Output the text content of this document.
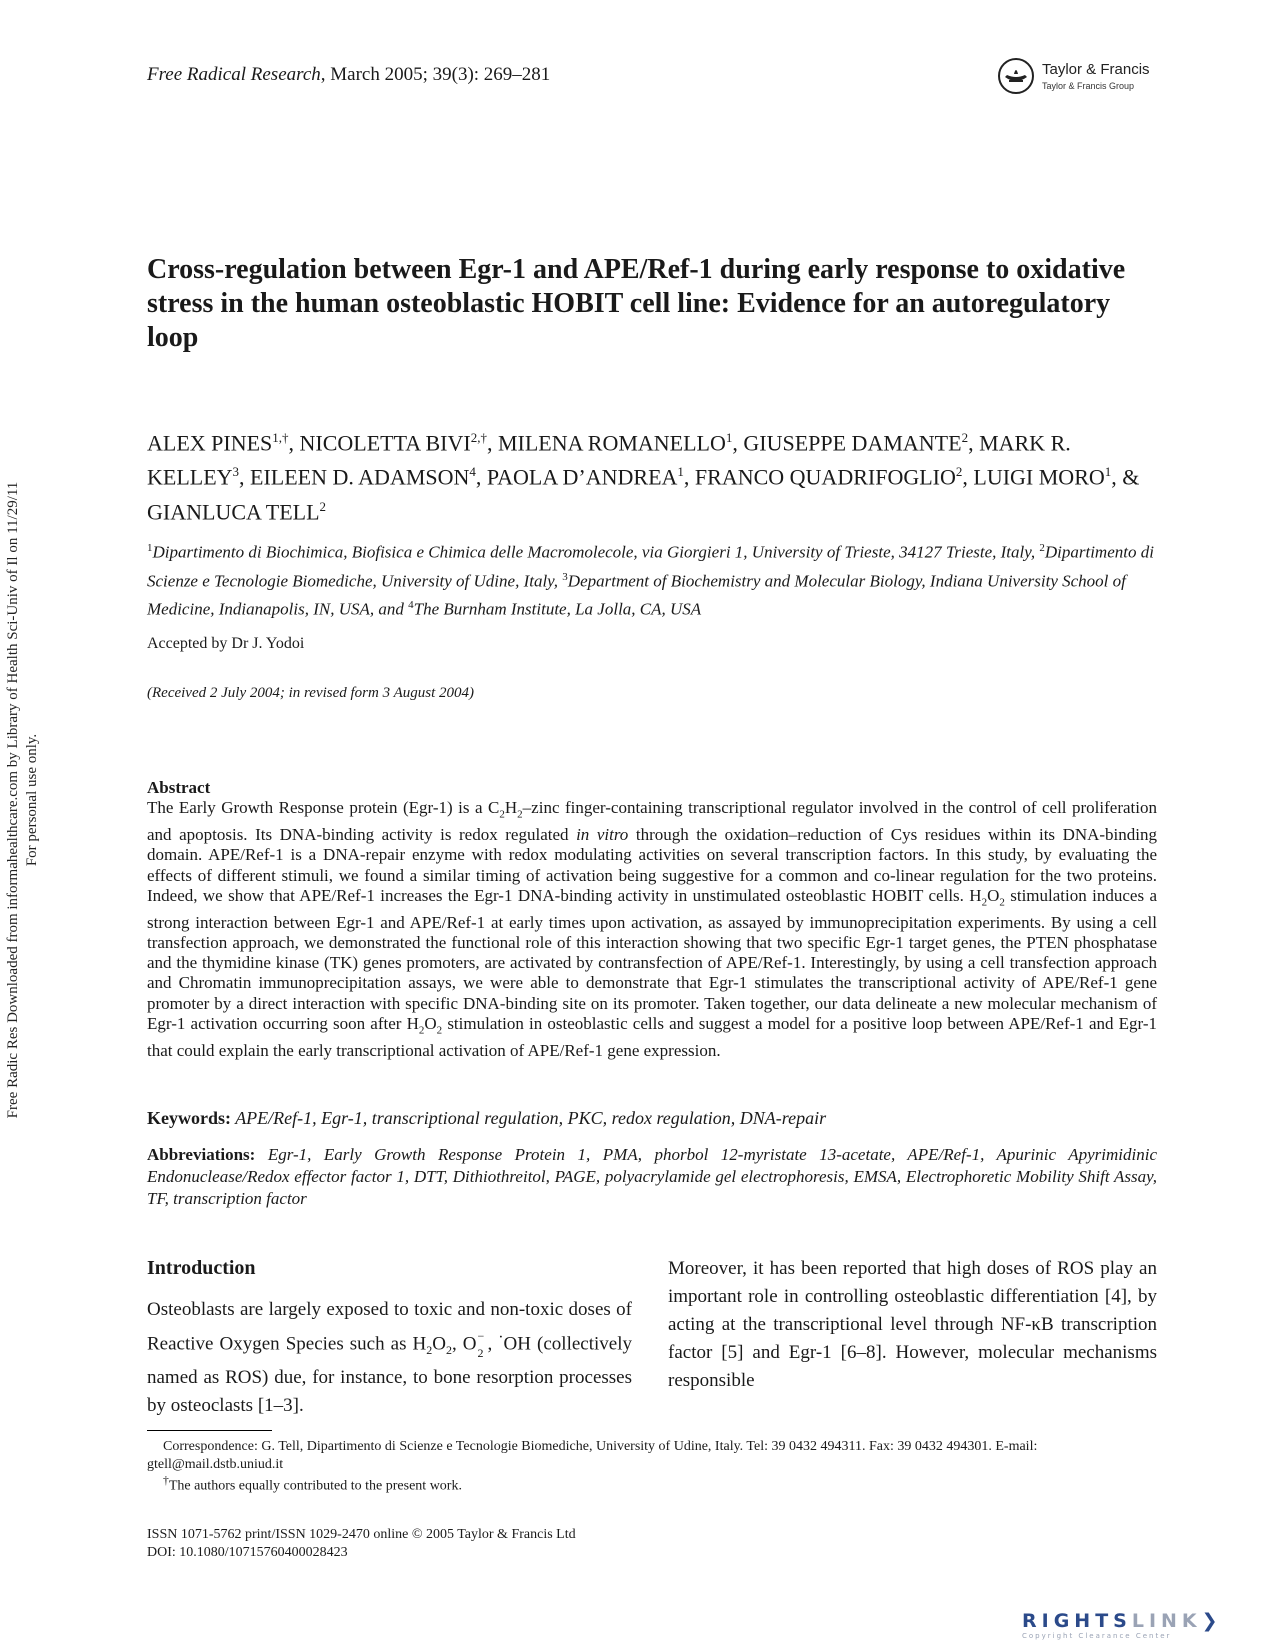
Free Radic Res Downloaded from informahealthcare.com by Library of Health Sci-Univ of Il on 11/29/11 For personal use only.
Free Radical Research, March 2005; 39(3): 269–281	Taylor & Francis
Taylor & Francis Group
Cross-regulation between Egr-1 and APE/Ref-1 during early response to oxidative stress in the human osteoblastic HOBIT cell line: Evidence for an autoregulatory loop
ALEX $PINES^{1,\dagger}$, NICOLETTA $BIVI^{2,\dagger}$, MILENA ROMANELLO$^1$, GIUSEPPE DAMANTE$^2$, MARK R. KELLEY$^3$, EILEEN D. ADAMSON$^4$, PAOLA D’ANDREA$^1$, FRANCO QUADRIFOGLIO$^2$, LUIGI MORO$^1$, & GIANLUCA TELL$^2$
$^1$Dipartimento di Biochimica, Biofisica e Chimica delle Macromolecole, via Giorgieri 1, University of Trieste, 34127 Trieste, Italy, $^2$Dipartimento di Scienze e Tecnologie Biomediche, University of Udine, Italy, $^3$Department of Biochemistry and Molecular Biology, Indiana University School of Medicine, Indianapolis, IN, USA, and $^4$The Burnham Institute, La Jolla, CA, USA
Accepted by Dr J. Yodoi
(Received 2 July 2004; in revised form 3 August 2004)
Abstract
The Early Growth Response protein (Egr-1) is a $C_2H_2$–zinc finger-containing transcriptional regulator involved in the control of cell proliferation and apoptosis. Its DNA-binding activity is redox regulated in vitro through the oxidation–reduction of Cys residues within its DNA-binding domain. APE/Ref-1 is a DNA-repair enzyme with redox modulating activities on several transcription factors. In this study, by evaluating the effects of different stimuli, we found a similar timing of activation being suggestive for a common and co-linear regulation for the two proteins. Indeed, we show that APE/Ref-1 increases the Egr-1 DNA-binding activity in unstimulated osteoblastic HOBIT cells. $H_2O_2$ stimulation induces a strong interaction between Egr-1 and APE/Ref-1 at early times upon activation, as assayed by immunoprecipitation experiments. By using a cell transfection approach, we demonstrated the functional role of this interaction showing that two specific Egr-1 target genes, the PTEN phosphatase and the thymidine kinase (TK) genes promoters, are activated by contransfection of APE/Ref-1. Interestingly, by using a cell transfection approach and Chromatin immunoprecipitation assays, we were able to demonstrate that Egr-1 stimulates the transcriptional activity of APE/Ref-1 gene promoter by a direct interaction with specific DNA-binding site on its promoter. Taken together, our data delineate a new molecular mechanism of Egr-1 activation occurring soon after $H_2O_2$ stimulation in osteoblastic cells and suggest a model for a positive loop between APE/Ref-1 and Egr-1 that could explain the early transcriptional activation of APE/Ref-1 gene expression.
Keywords: APE/Ref-1, Egr-1, transcriptional regulation, PKC, redox regulation, DNA-repair
Abbreviations: Egr-1, Early Growth Response Protein 1, PMA, phorbol 12-myristate 13-acetate, APE/Ref-1, Apurinic Apyrimidinic Endonuclease/Redox effector factor 1, DTT, Dithiothreitol, PAGE, polyacrylamide gel electrophoresis, EMSA, Electrophoretic Mobility Shift Assay, TF, transcription factor
Introduction
Osteoblasts are largely exposed to toxic and non-toxic doses of Reactive Oxygen Species such as $H_2O_2$, O −
2 , ·OH (collectively named as ROS) due, for instance, to bone resorption processes by osteoclasts [1–3].
Moreover, it has been reported that high doses of ROS play an important role in controlling osteoblastic differentiation [4], by acting at the transcriptional level through NF-κB transcription factor [5] and Egr-1 [6–8]. However, molecular mechanisms responsible
Correspondence: G. Tell, Dipartimento di Scienze e Tecnologie Biomediche, University of Udine, Italy. Tel: 39 0432 494311. Fax: 39 0432 494301. E-mail: gtell@mail.dstb.uniud.it
†The authors equally contributed to the present work.
ISSN 1071-5762 print/ISSN 1029-2470 online © 2005 Taylor & Francis Ltd
DOI: 10.1080/10715760400028423
RIGHTSLINK❯
Copyright Clearance Center
